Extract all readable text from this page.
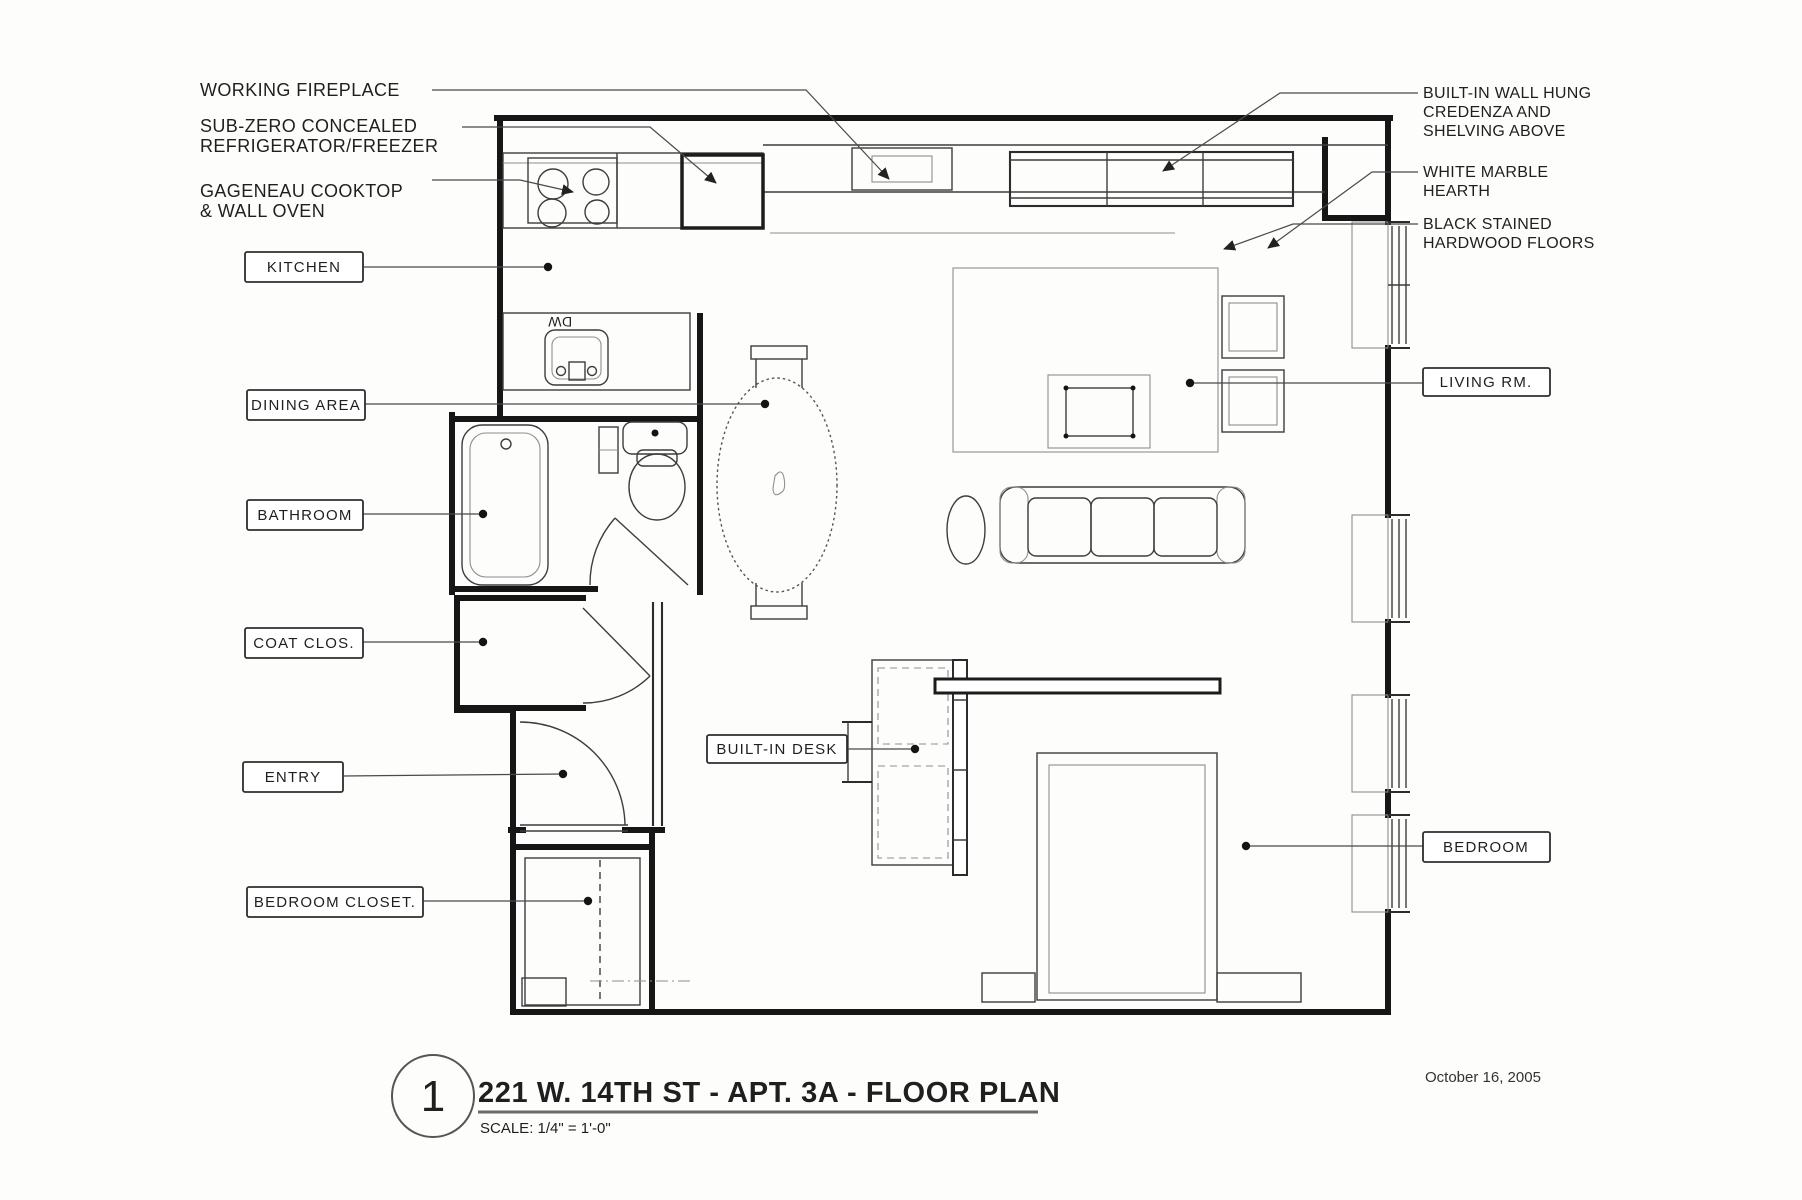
DW
WORKING FIREPLACE
SUB-ZERO CONCEALED
REFRIGERATOR/FREEZER
GAGENEAU COOKTOP
& WALL OVEN
BUILT-IN WALL HUNG
CREDENZA AND
SHELVING ABOVE
WHITE MARBLE
HEARTH
BLACK STAINED
HARDWOOD FLOORS
KITCHEN
DINING AREA
BATHROOM
COAT CLOS.
ENTRY
BEDROOM CLOSET.
BUILT-IN DESK
LIVING RM.
BEDROOM
1 221 W. 14TH ST - APT. 3A - FLOOR PLAN
SCALE: 1/4" = 1'-0"
October 16, 2005
